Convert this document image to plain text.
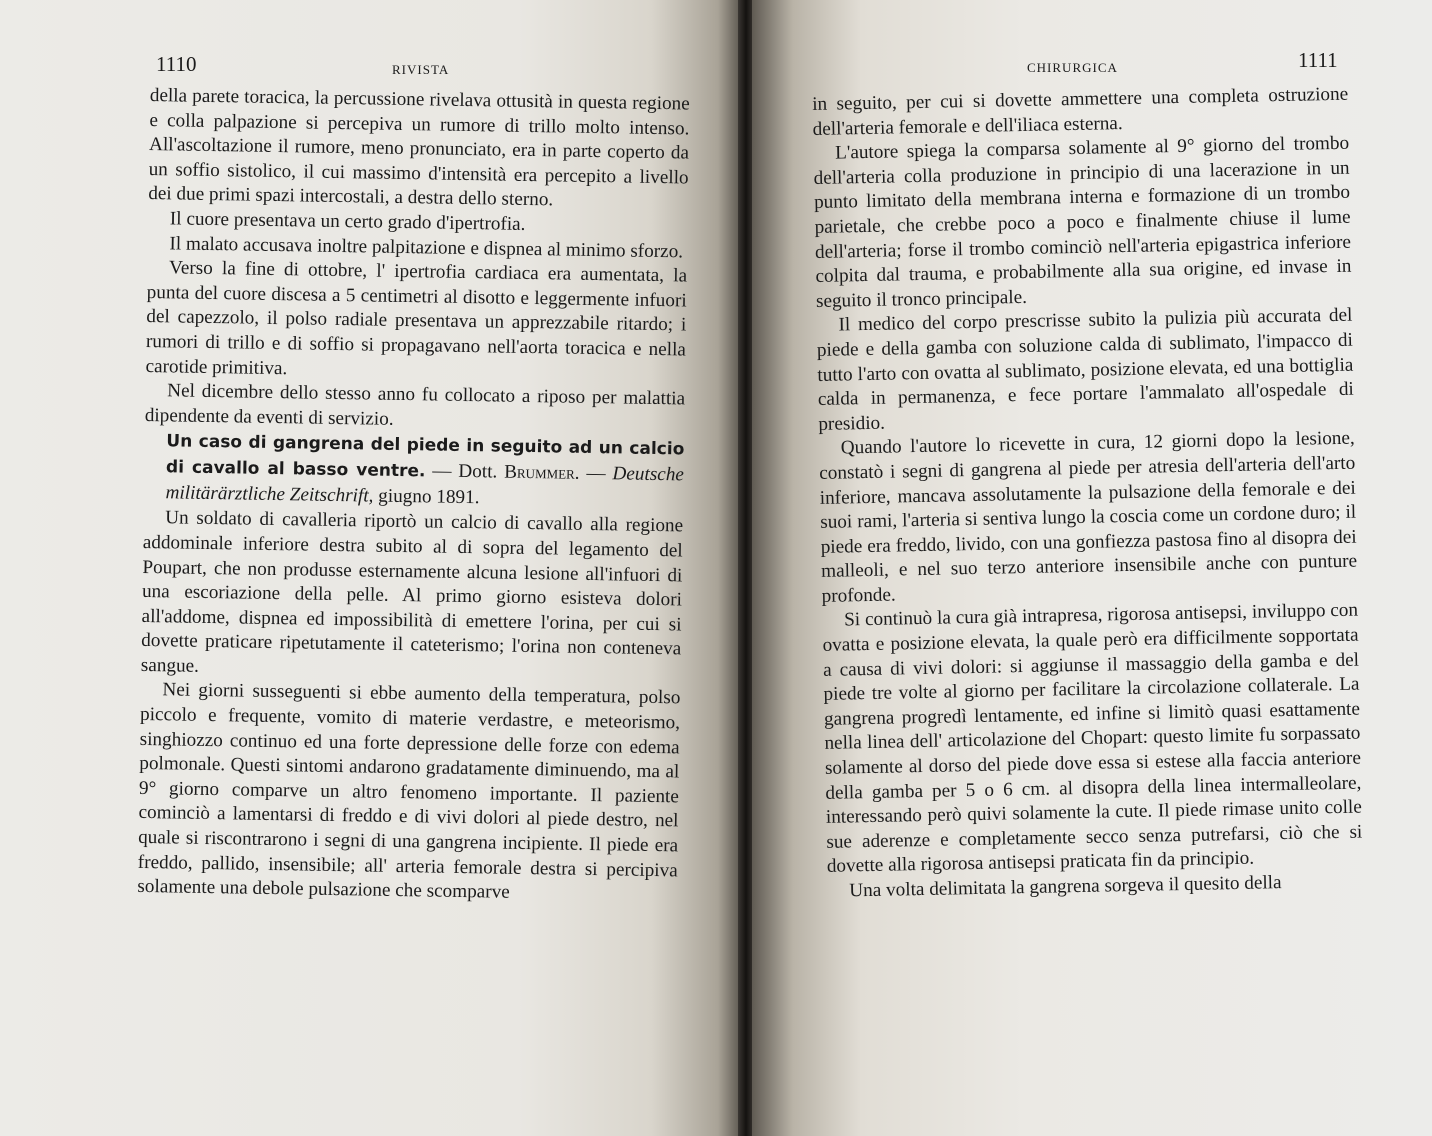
1110	RIVISTA

della parete toracica, la percussione rivelava ottusità in questa regione e colla palpazione si percepiva un rumore di trillo molto intenso. All'ascoltazione il rumore, meno pronunciato, era in parte coperto da un soffio sistolico, il cui massimo d'intensità era percepito a livello dei due primi spazi intercostali, a destra dello sterno.

Il cuore presentava un certo grado d'ipertrofia.

Il malato accusava inoltre palpitazione e dispnea al minimo sforzo.

Verso la fine di ottobre, l' ipertrofia cardiaca era aumentata, la punta del cuore discesa a 5 centimetri al disotto e leggermente infuori del capezzolo, il polso radiale presentava un apprezzabile ritardo; i rumori di trillo e di soffio si propagavano nell'aorta toracica e nella carotide primitiva.

Nel dicembre dello stesso anno fu collocato a riposo per malattia dipendente da eventi di servizio.

Un caso di gangrena del piede in seguito ad un calcio di cavallo al basso ventre. — Dott. Brummer. — Deutsche militärärztliche Zeitschrift, giugno 1891.

Un soldato di cavalleria riportò un calcio di cavallo alla regione addominale inferiore destra subito al di sopra del legamento del Poupart, che non produsse esternamente alcuna lesione all'infuori di una escoriazione della pelle. Al primo giorno esisteva dolori all'addome, dispnea ed impossibilità di emettere l'orina, per cui si dovette praticare ripetutamente il cateterismo; l'orina non conteneva sangue.

Nei giorni susseguenti si ebbe aumento della temperatura, polso piccolo e frequente, vomito di materie verdastre, e meteorismo, singhiozzo continuo ed una forte depressione delle forze con edema polmonale. Questi sintomi andarono gradatamente diminuendo, ma al 9° giorno comparve un altro fenomeno importante. Il paziente cominciò a lamentarsi di freddo e di vivi dolori al piede destro, nel quale si riscontrarono i segni di una gangrena incipiente. Il piede era freddo, pallido, insensibile; all' arteria femorale destra si percipiva solamente una debole pulsazione che scomparve

CHIRURGICA	1111

in seguito, per cui si dovette ammettere una completa ostruzione dell'arteria femorale e dell'iliaca esterna.

L'autore spiega la comparsa solamente al 9° giorno del trombo dell'arteria colla produzione in principio di una lacerazione in un punto limitato della membrana interna e formazione di un trombo parietale, che crebbe poco a poco e finalmente chiuse il lume dell'arteria; forse il trombo cominciò nell'arteria epigastrica inferiore colpita dal trauma, e probabilmente alla sua origine, ed invase in seguito il tronco principale.

Il medico del corpo prescrisse subito la pulizia più accurata del piede e della gamba con soluzione calda di sublimato, l'impacco di tutto l'arto con ovatta al sublimato, posizione elevata, ed una bottiglia calda in permanenza, e fece portare l'ammalato all'ospedale di presidio.

Quando l'autore lo ricevette in cura, 12 giorni dopo la lesione, constatò i segni di gangrena al piede per atresia dell'arteria dell'arto inferiore, mancava assolutamente la pulsazione della femorale e dei suoi rami, l'arteria si sentiva lungo la coscia come un cordone duro; il piede era freddo, livido, con una gonfiezza pastosa fino al disopra dei malleoli, e nel suo terzo anteriore insensibile anche con punture profonde.

Si continuò la cura già intrapresa, rigorosa antisepsi, inviluppo con ovatta e posizione elevata, la quale però era difficilmente sopportata a causa di vivi dolori: si aggiunse il massaggio della gamba e del piede tre volte al giorno per facilitare la circolazione collaterale. La gangrena progredì lentamente, ed infine si limitò quasi esattamente nella linea dell' articolazione del Chopart: questo limite fu sorpassato solamente al dorso del piede dove essa si estese alla faccia anteriore della gamba per 5 o 6 cm. al disopra della linea intermalleolare, interessando però quivi solamente la cute. Il piede rimase unito colle sue aderenze e completamente secco senza putrefarsi, ciò che si dovette alla rigorosa antisepsi praticata fin da principio.

Una volta delimitata la gangrena sorgeva il quesito della
